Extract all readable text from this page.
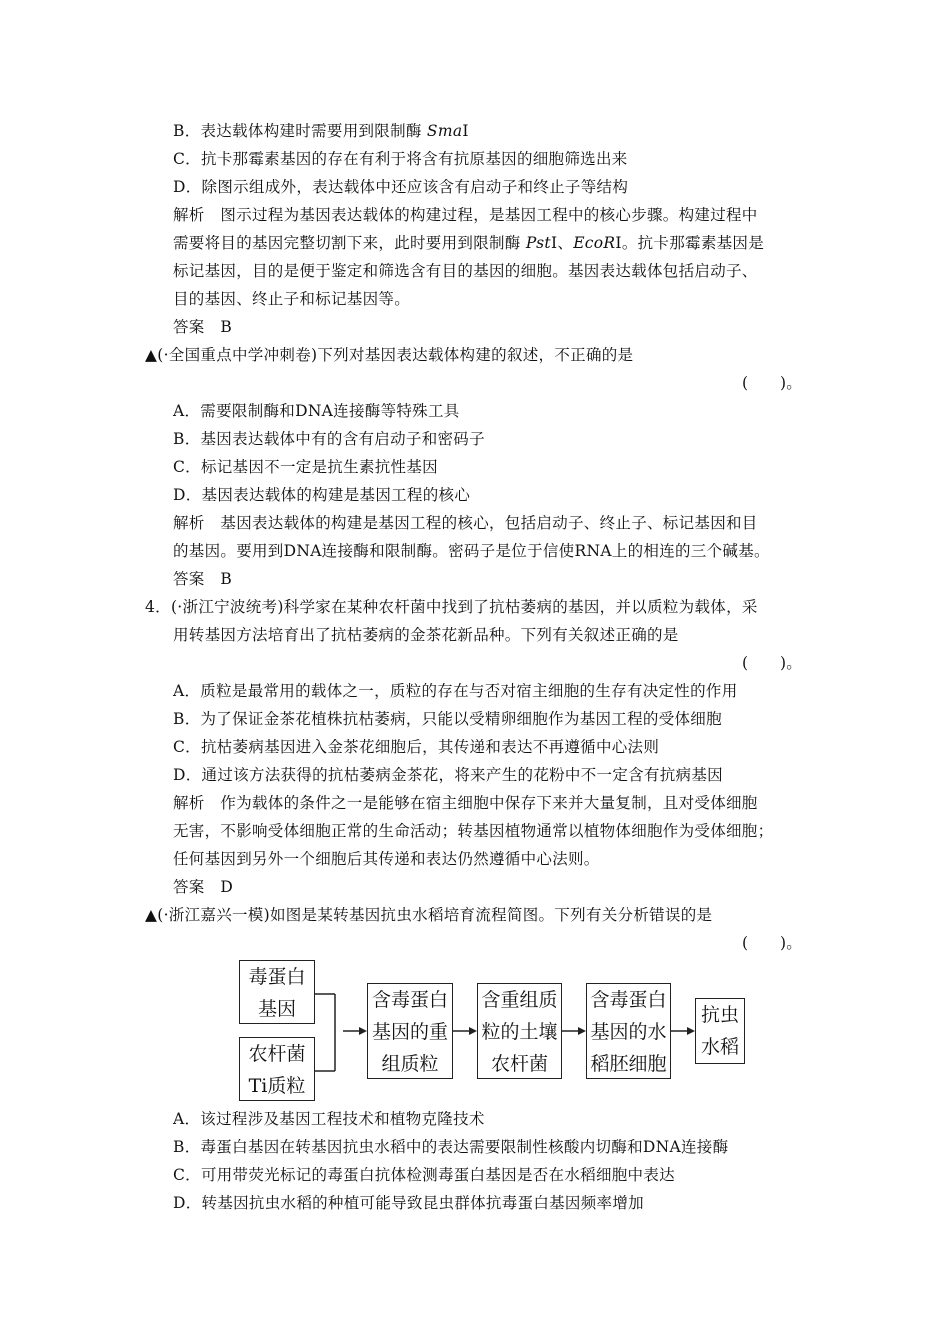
B．表达载体构建时需要用到限制酶 SmaⅠ
C．抗卡那霉素基因的存在有利于将含有抗原基因的细胞筛选出来
D．除图示组成外，表达载体中还应该含有启动子和终止子等结构
解析　图示过程为基因表达载体的构建过程，是基因工程中的核心步骤。构建过程中
需要将目的基因完整切割下来，此时要用到限制酶 PstⅠ、EcoRⅠ。抗卡那霉素基因是
标记基因，目的是便于鉴定和筛选含有目的基因的细胞。基因表达载体包括启动子、
目的基因、终止子和标记基因等。
答案　B
▲(·全国重点中学冲刺卷)下列对基因表达载体构建的叙述，不正确的是
(　　)。
A．需要限制酶和DNA连接酶等特殊工具
B．基因表达载体中有的含有启动子和密码子
C．标记基因不一定是抗生素抗性基因
D．基因表达载体的构建是基因工程的核心
解析　基因表达载体的构建是基因工程的核心，包括启动子、终止子、标记基因和目
的基因。要用到DNA连接酶和限制酶。密码子是位于信使RNA上的相连的三个碱基。
答案　B
4．(·浙江宁波统考)科学家在某种农杆菌中找到了抗枯萎病的基因，并以质粒为载体，采
用转基因方法培育出了抗枯萎病的金茶花新品种。下列有关叙述正确的是
(　　)。
A．质粒是最常用的载体之一，质粒的存在与否对宿主细胞的生存有决定性的作用
B．为了保证金茶花植株抗枯萎病，只能以受精卵细胞作为基因工程的受体细胞
C．抗枯萎病基因进入金茶花细胞后，其传递和表达不再遵循中心法则
D．通过该方法获得的抗枯萎病金茶花，将来产生的花粉中不一定含有抗病基因
解析　作为载体的条件之一是能够在宿主细胞中保存下来并大量复制，且对受体细胞
无害，不影响受体细胞正常的生命活动；转基因植物通常以植物体细胞作为受体细胞；
任何基因到另外一个细胞后其传递和表达仍然遵循中心法则。
答案　D
▲(·浙江嘉兴一模)如图是某转基因抗虫水稻培育流程简图。下列有关分析错误的是
(　　)。
毒蛋白
基因
农杆菌
Ti质粒
含毒蛋白
基因的重
组质粒
含重组质
粒的土壤
农杆菌
含毒蛋白
基因的水
稻胚细胞
抗虫
水稻
A．该过程涉及基因工程技术和植物克隆技术
B．毒蛋白基因在转基因抗虫水稻中的表达需要限制性核酸内切酶和DNA连接酶
C．可用带荧光标记的毒蛋白抗体检测毒蛋白基因是否在水稻细胞中表达
D．转基因抗虫水稻的种植可能导致昆虫群体抗毒蛋白基因频率增加
